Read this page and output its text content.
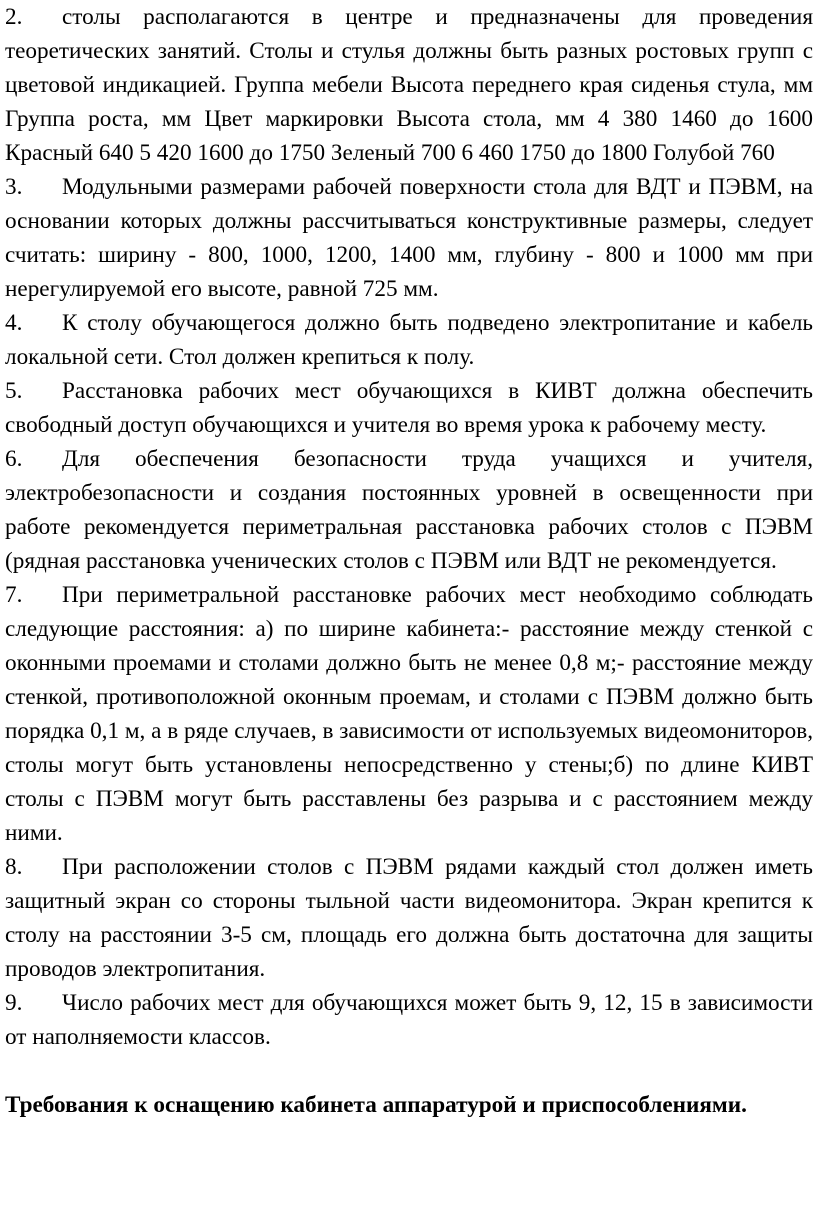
2. столы располагаются в центре и предназначены для проведения теоретических занятий. Столы и стулья должны быть разных ростовых групп с цветовой индикацией. Группа мебели Высота переднего края сиденья стула, мм Группа роста, мм Цвет маркировки Высота стола, мм 4 380 1460 до 1600 Красный 640 5 420 1600 до 1750 Зеленый 700 6 460 1750 до 1800 Голубой 760

3. Модульными размерами рабочей поверхности стола для ВДТ и ПЭВМ, на основании которых должны рассчитываться конструктивные размеры, следует считать: ширину - 800, 1000, 1200, 1400 мм, глубину - 800 и 1000 мм при нерегулируемой его высоте, равной 725 мм.

4. К столу обучающегося должно быть подведено электропитание и кабель локальной сети. Стол должен крепиться к полу.

5. Расстановка рабочих мест обучающихся в КИВТ должна обеспечить свободный доступ обучающихся и учителя во время урока к рабочему месту.

6. Для обеспечения безопасности труда учащихся и учителя, электробезопасности и создания постоянных уровней в освещенности при работе рекомендуется периметральная расстановка рабочих столов с ПЭВМ (рядная расстановка ученических столов с ПЭВМ или ВДТ не рекомендуется.

7. При периметральной расстановке рабочих мест необходимо соблюдать следующие расстояния: а) по ширине кабинета:- расстояние между стенкой с оконными проемами и столами должно быть не менее 0,8 м;- расстояние между стенкой, противоположной оконным проемам, и столами с ПЭВМ должно быть порядка 0,1 м, а в ряде случаев, в зависимости от используемых видеомониторов, столы могут быть установлены непосредственно у стены;б) по длине КИВТ столы с ПЭВМ могут быть расставлены без разрыва и с расстоянием между ними.

8. При расположении столов с ПЭВМ рядами каждый стол должен иметь защитный экран со стороны тыльной части видеомонитора. Экран крепится к столу на расстоянии 3-5 см, площадь его должна быть достаточна для защиты проводов электропитания.

9. Число рабочих мест для обучающихся может быть 9, 12, 15 в зависимости от наполняемости классов.

Требования к оснащению кабинета аппаратурой и приспособлениями.
